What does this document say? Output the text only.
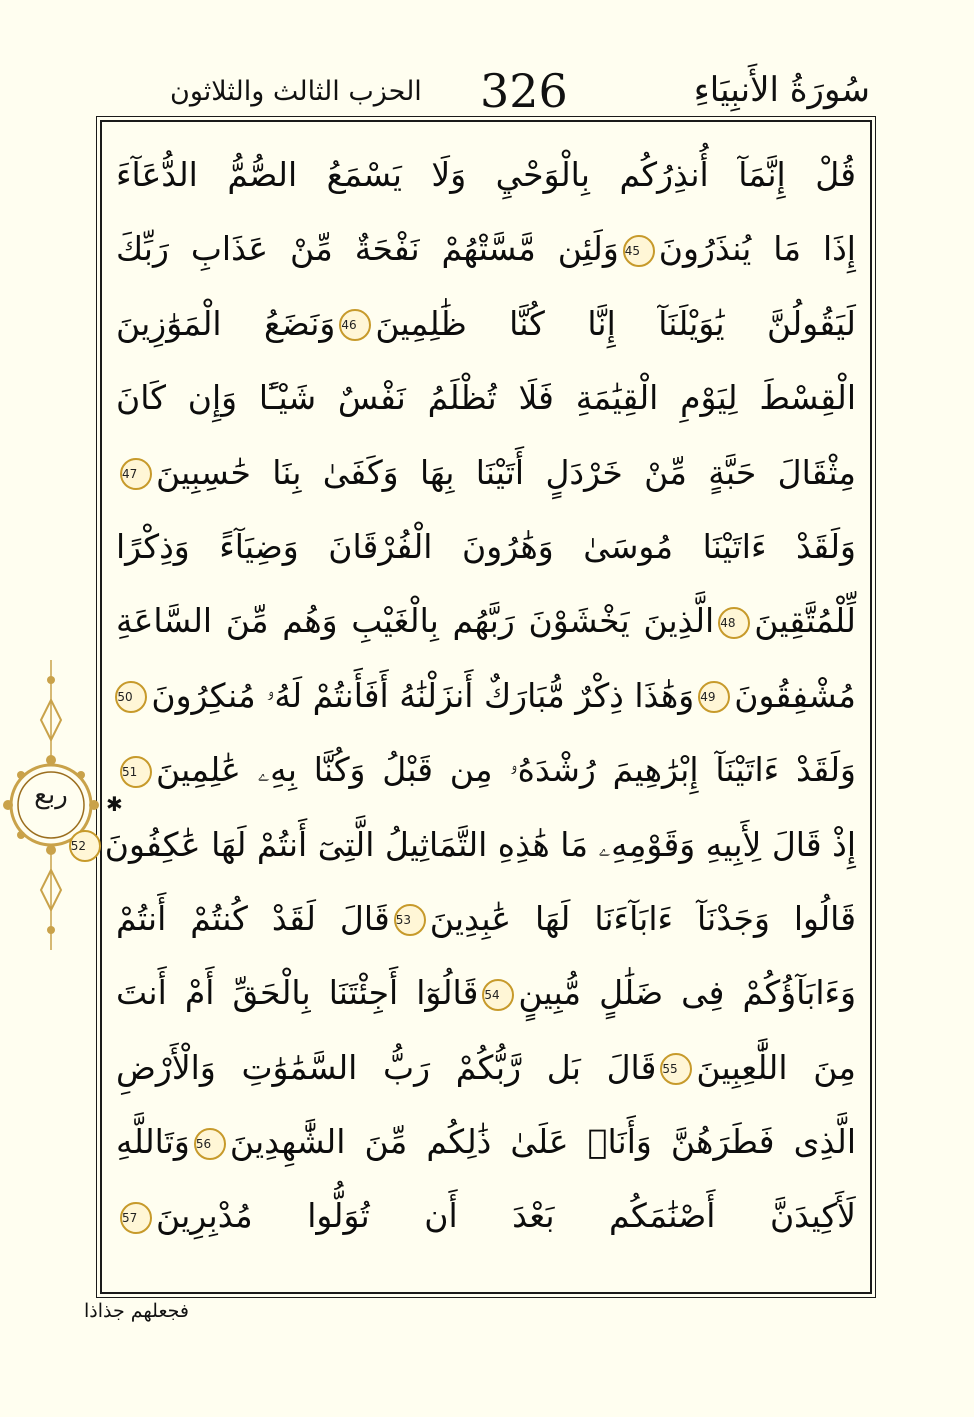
سُورَةُ الأَنبِيَاءِ
326
الحزب الثالث والثلاثون
ربع	✱
قُلْ إِنَّمَآ أُنذِرُكُم بِالْوَحْيِ وَلَا يَسْمَعُ الصُّمُّ الدُّعَآءَ
إِذَا مَا يُنذَرُونَ45وَلَئِن مَّسَّتْهُمْ نَفْحَةٌ مِّنْ عَذَابِ رَبِّكَ
لَيَقُولُنَّ يَٰوَيْلَنَآ إِنَّا كُنَّا ظَٰلِمِينَ46وَنَضَعُ الْمَوَٰزِينَ
الْقِسْطَ لِيَوْمِ الْقِيَٰمَةِ فَلَا تُظْلَمُ نَفْسٌ شَيْـًٔا وَإِن كَانَ
مِثْقَالَ حَبَّةٍ مِّنْ خَرْدَلٍ أَتَيْنَا بِهَا وَكَفَىٰ بِنَا حَٰسِبِينَ47
وَلَقَدْ ءَاتَيْنَا مُوسَىٰ وَهَٰرُونَ الْفُرْقَانَ وَضِيَآءً وَذِكْرًا
لِّلْمُتَّقِينَ48الَّذِينَ يَخْشَوْنَ رَبَّهُم بِالْغَيْبِ وَهُم مِّنَ السَّاعَةِ
مُشْفِقُونَ49وَهَٰذَا ذِكْرٌ مُّبَارَكٌ أَنزَلْنَٰهُ أَفَأَنتُمْ لَهُۥ مُنكِرُونَ50
وَلَقَدْ ءَاتَيْنَآ إِبْرَٰهِيمَ رُشْدَهُۥ مِن قَبْلُ وَكُنَّا بِهِۦ عَٰلِمِينَ51
إِذْ قَالَ لِأَبِيهِ وَقَوْمِهِۦ مَا هَٰذِهِ التَّمَاثِيلُ الَّتِىٓ أَنتُمْ لَهَا عَٰكِفُونَ52
قَالُوا وَجَدْنَآ ءَابَآءَنَا لَهَا عَٰبِدِينَ53قَالَ لَقَدْ كُنتُمْ أَنتُمْ
وَءَابَآؤُكُمْ فِى ضَلَٰلٍ مُّبِينٍ54قَالُوٓا أَجِئْتَنَا بِالْحَقِّ أَمْ أَنتَ
مِنَ اللَّٰعِبِينَ55قَالَ بَل رَّبُّكُمْ رَبُّ السَّمَٰوَٰتِ وَالْأَرْضِ
الَّذِى فَطَرَهُنَّ وَأَنَا۠ عَلَىٰ ذَٰلِكُم مِّنَ الشَّٰهِدِينَ56وَتَاللَّهِ
لَأَكِيدَنَّ أَصْنَٰمَكُم بَعْدَ أَن تُوَلُّوا مُدْبِرِينَ57
فجعلهم جذاذا
